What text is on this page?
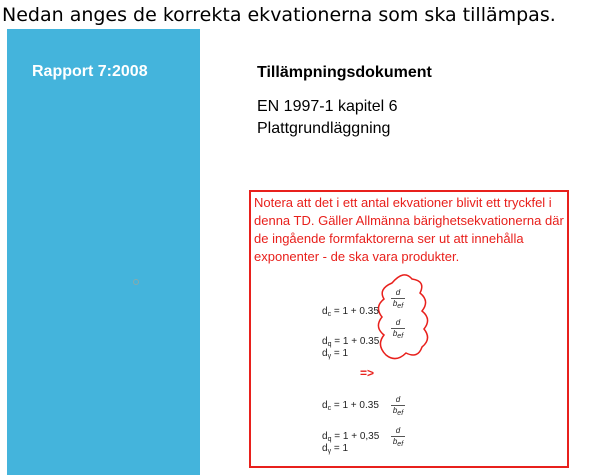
Nedan anges de korrekta ekvationerna som ska tillämpas.
Rapport 7:2008	Tillämpningsdokument
EN 1997-1 kapitel 6
Plattgrundläggning
Notera att det i ett antal ekvationer blivit ett tryckfel i denna TD. Gäller Allmänna bärighetsekvationerna där de ingående formfaktorerna ser ut att innehålla exponenter - de ska vara produkter.
$d_c = 1 + 0.35$
d
bef
$d_q = 1 + 0.35$
d
bef
$d_\gamma = 1$
=>
$d_c = 1 + 0.35$
d
bef
$d_q = 1 + 0,35$
d
bef
$d_\gamma = 1$
